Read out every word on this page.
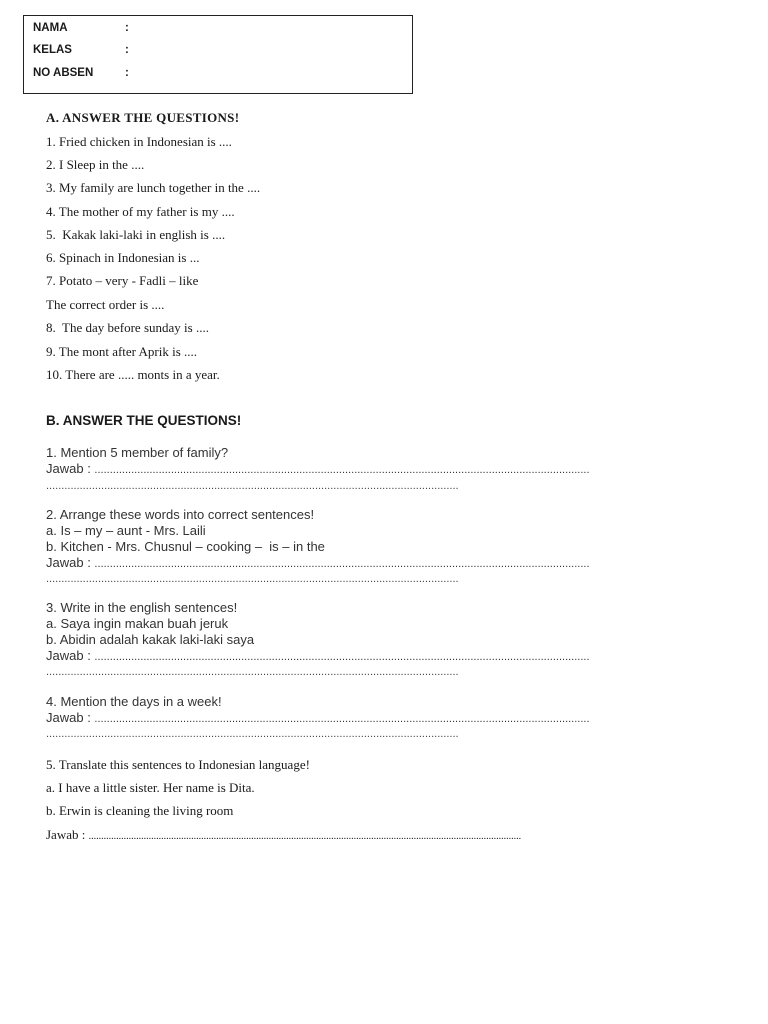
NAMA	:
KELAS	:
NO ABSEN	:
A. ANSWER THE QUESTIONS!
1. Fried chicken in Indonesian is ....
2. I Sleep in the ....
3. My family are lunch together in the ....
4. The mother of my father is my ....
5.  Kakak laki-laki in english is ....
6. Spinach in Indonesian is ...
7. Potato – very - Fadli – like
The correct order is ....
8.  The day before sunday is ....
9. The mont after Aprik is ....
10. There are ..... monts in a year.
B. ANSWER THE QUESTIONS!
1. Mention 5 member of family?
Jawab : ..................................................................................................................................................................
.......................................................................................................................................
2. Arrange these words into correct sentences!
a. Is – my – aunt - Mrs. Laili
b. Kitchen - Mrs. Chusnul – cooking –  is – in the
Jawab : ..................................................................................................................................................................
.......................................................................................................................................
3. Write in the english sentences!
a. Saya ingin makan buah jeruk
b. Abidin adalah kakak laki-laki saya
Jawab : ..................................................................................................................................................................
.......................................................................................................................................
4. Mention the days in a week!
Jawab : ..................................................................................................................................................................
.......................................................................................................................................
5. Translate this sentences to Indonesian language!
a. I have a little sister. Her name is Dita.
b. Erwin is cleaning the living room
Jawab : .............................................................................................................................................................................
